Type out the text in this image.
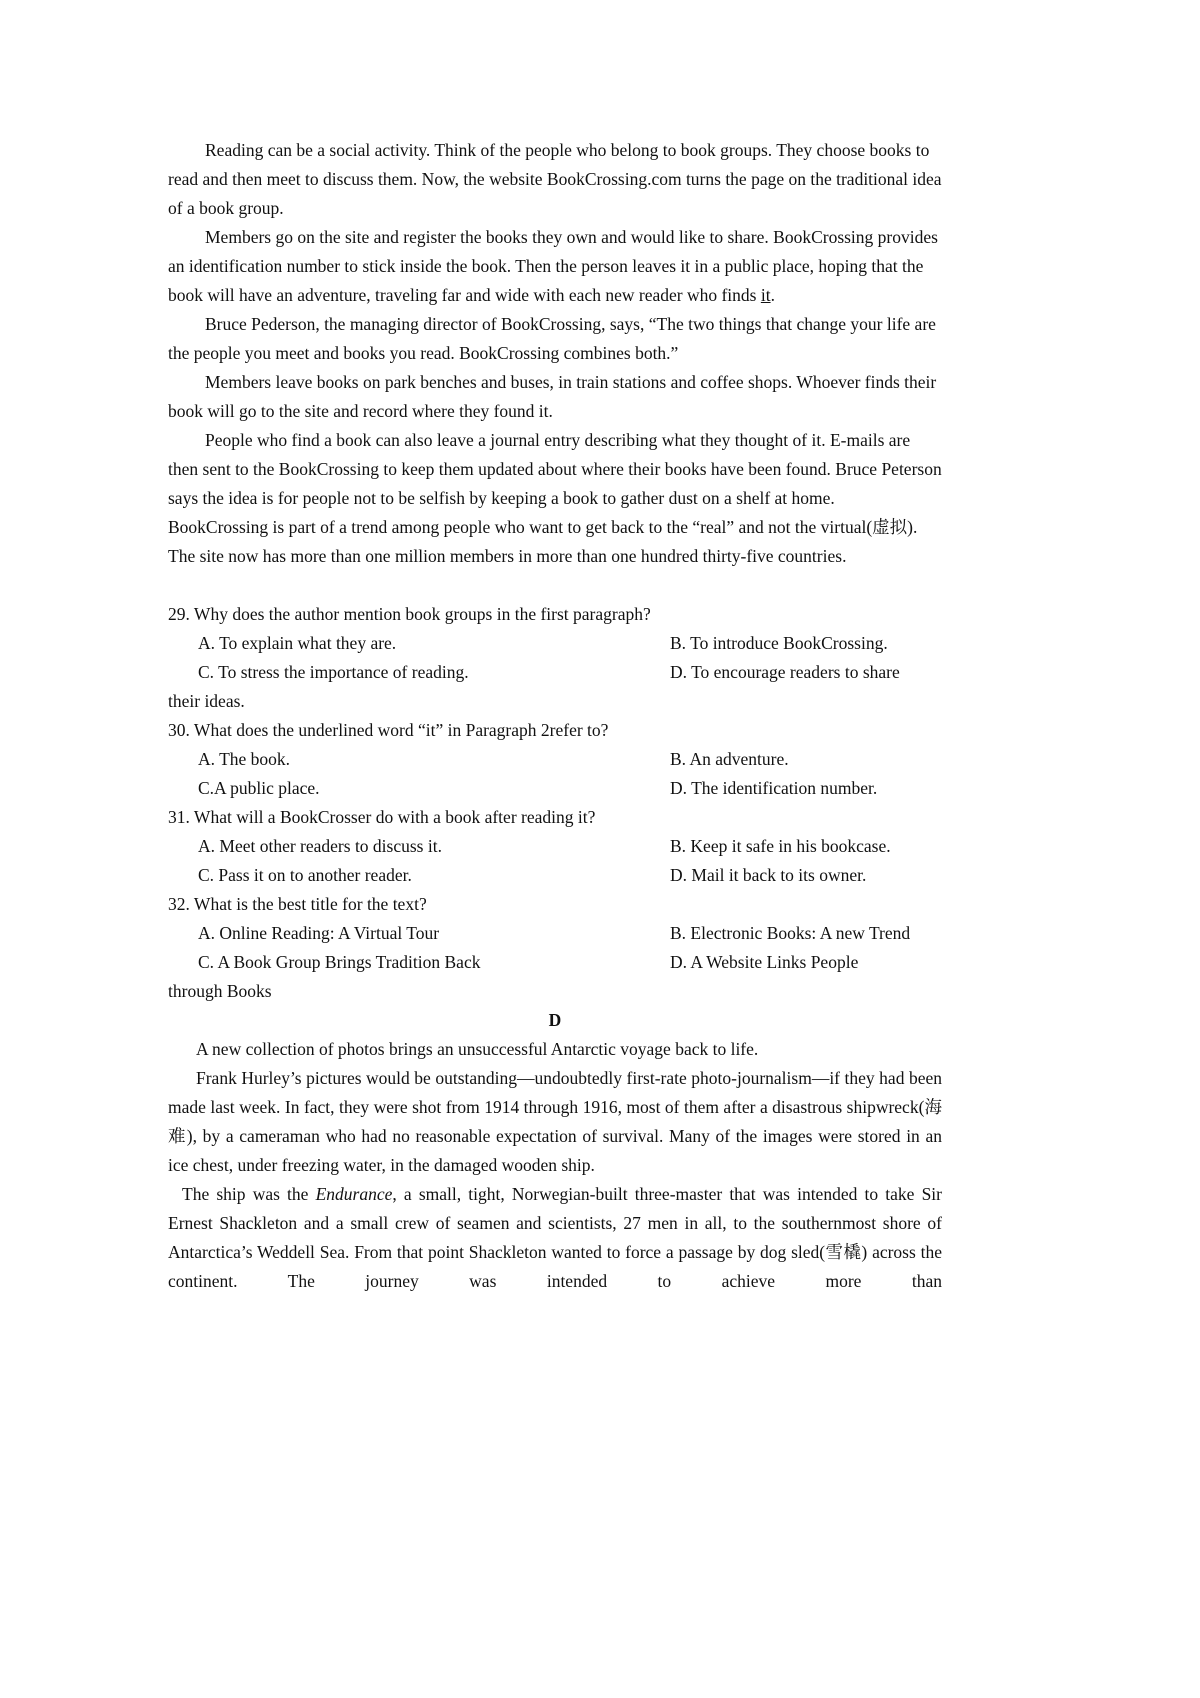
Reading can be a social activity. Think of the people who belong to book groups. They choose books to read and then meet to discuss them. Now, the website BookCrossing.com turns the page on the traditional idea of a book group.

Members go on the site and register the books they own and would like to share. BookCrossing provides an identification number to stick inside the book. Then the person leaves it in a public place, hoping that the book will have an adventure, traveling far and wide with each new reader who finds it.

Bruce Pederson, the managing director of BookCrossing, says, “The two things that change your life are the people you meet and books you read. BookCrossing combines both.”

Members leave books on park benches and buses, in train stations and coffee shops. Whoever finds their book will go to the site and record where they found it.

People who find a book can also leave a journal entry describing what they thought of it. E-mails are then sent to the BookCrossing to keep them updated about where their books have been found. Bruce Peterson says the idea is for people not to be selfish by keeping a book to gather dust on a shelf at home.

BookCrossing is part of a trend among people who want to get back to the “real” and not the virtual(虚拟). The site now has more than one million members in more than one hundred thirty-five countries.

29. Why does the author mention book groups in the first paragraph?

A. To explain what they are.	B. To introduce BookCrossing.
C. To stress the importance of reading.	D. To encourage readers to share

their ideas.

30. What does the underlined word “it” in Paragraph 2refer to?

A. The book.	B. An adventure.
C.A public place.	D. The identification number.

31. What will a BookCrosser do with a book after reading it?

A. Meet other readers to discuss it.	B. Keep it safe in his bookcase.
C. Pass it on to another reader.	D. Mail it back to its owner.

32. What is the best title for the text?

A. Online Reading: A Virtual Tour	B. Electronic Books: A new Trend
C. A Book Group Brings Tradition Back	D. A Website Links People

through Books

D

A new collection of photos brings an unsuccessful Antarctic voyage back to life.

Frank Hurley’s pictures would be outstanding—undoubtedly first-rate photo-journalism—if they had been made last week. In fact, they were shot from 1914 through 1916, most of them after a disastrous shipwreck(海难), by a cameraman who had no reasonable expectation of survival. Many of the images were stored in an ice chest, under freezing water, in the damaged wooden ship.

The ship was the Endurance, a small, tight, Norwegian-built three-master that was intended to take Sir Ernest Shackleton and a small crew of seamen and scientists, 27 men in all, to the southernmost shore of Antarctica’s Weddell Sea. From that point Shackleton wanted to force a passage by dog sled(雪橇) across the continent. The journey was intended to achieve more than
